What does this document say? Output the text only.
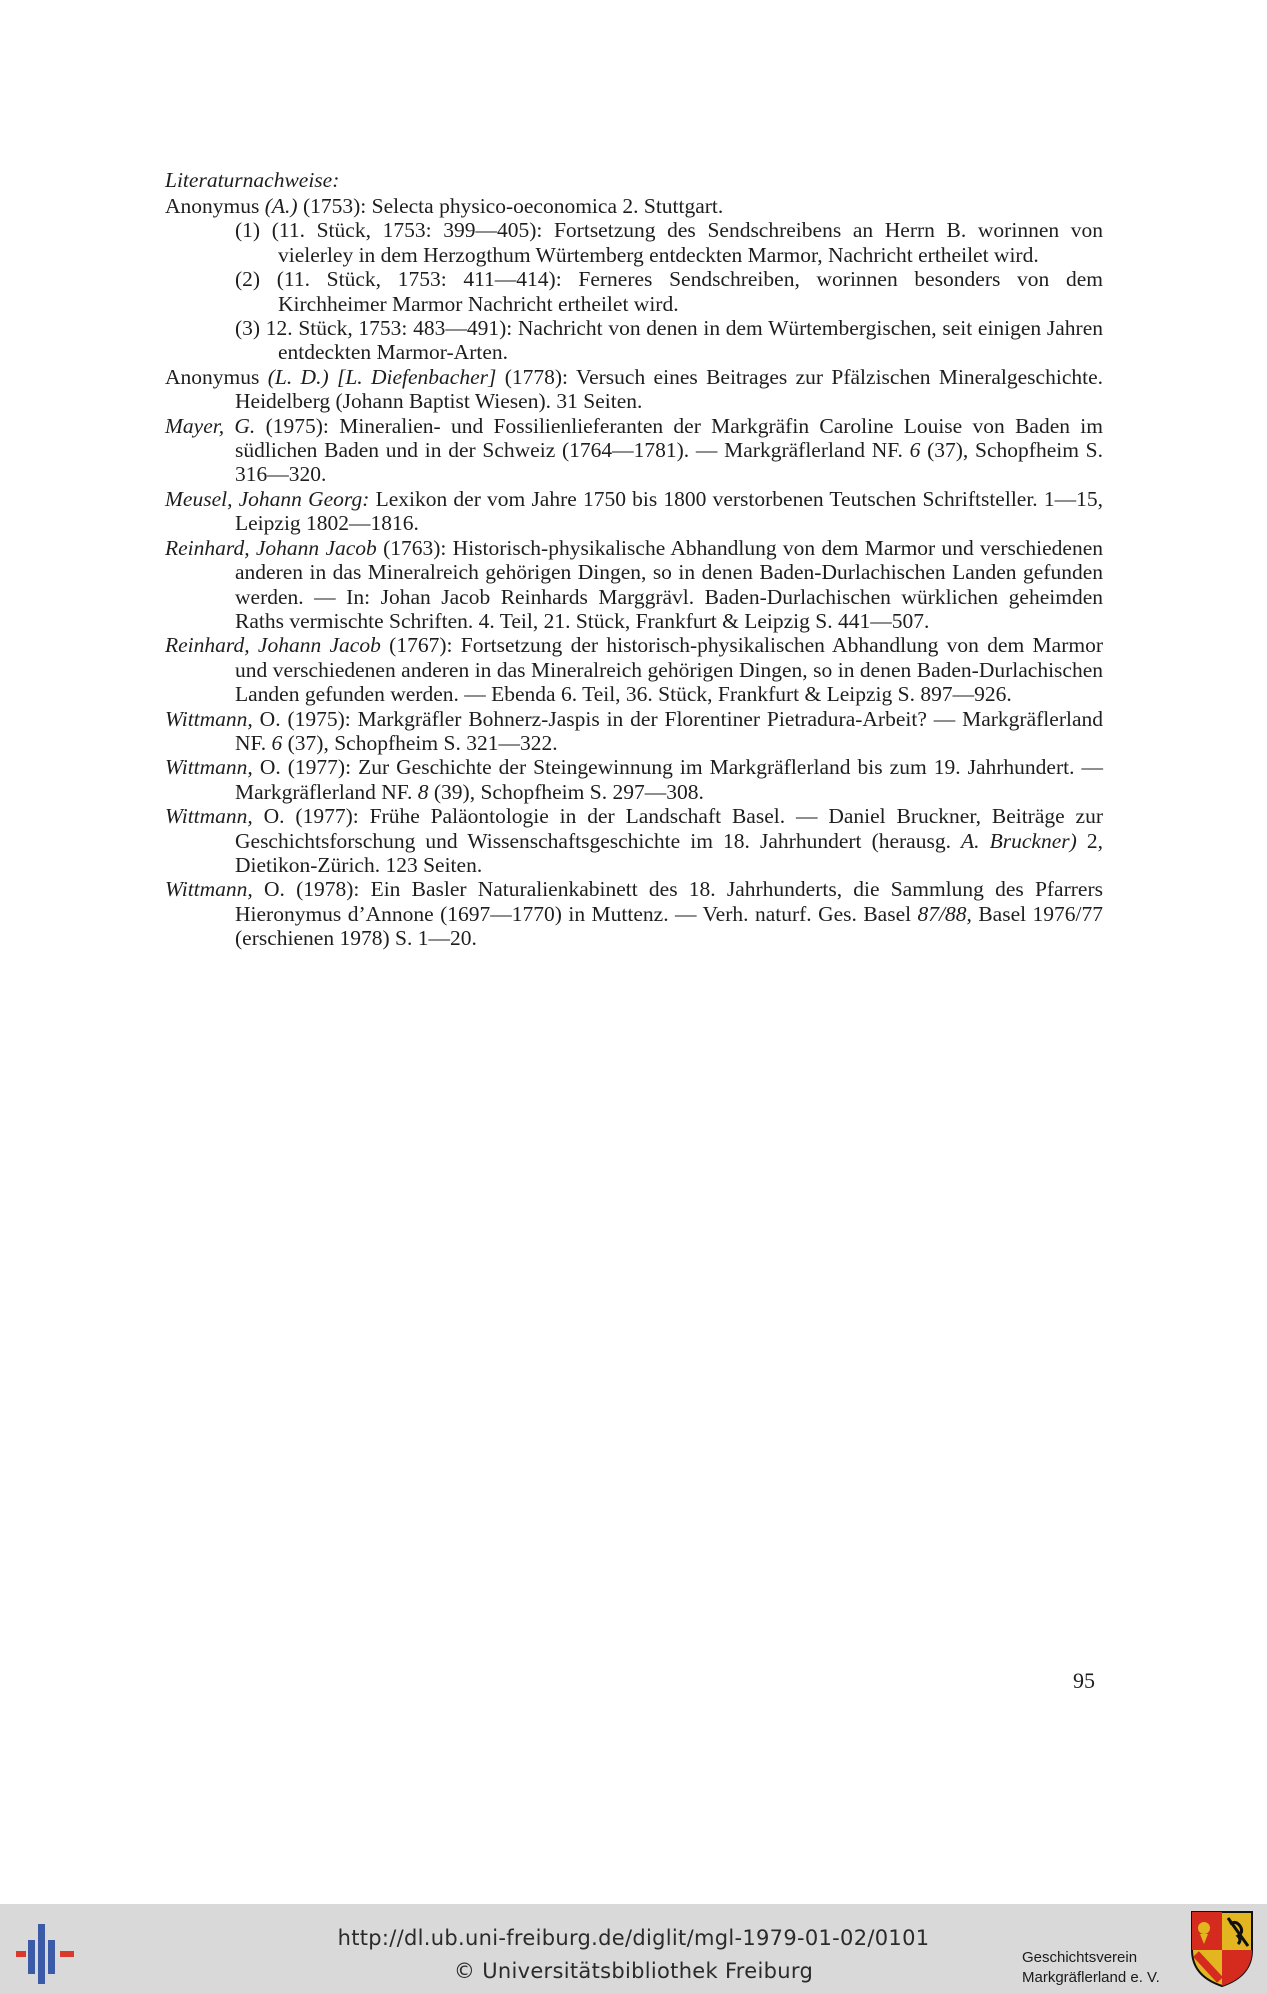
Literaturnachweise:
Anonymus (A.) (1753): Selecta physico-oeconomica 2. Stuttgart.
(1) (11. Stück, 1753: 399—405): Fortsetzung des Sendschreibens an Herrn B. worinnen von vielerley in dem Herzogthum Würtemberg entdeckten Marmor, Nachricht ertheilet wird.
(2) (11. Stück, 1753: 411—414): Ferneres Sendschreiben, worinnen besonders von dem Kirchheimer Marmor Nachricht ertheilet wird.
(3) 12. Stück, 1753: 483—491): Nachricht von denen in dem Würtembergischen, seit einigen Jahren entdeckten Marmor-Arten.
Anonymus (L. D.) [L. Diefenbacher] (1778): Versuch eines Beitrages zur Pfälzischen Mineralgeschichte. Heidelberg (Johann Baptist Wiesen). 31 Seiten.
Mayer, G. (1975): Mineralien- und Fossilienlieferanten der Markgräfin Caroline Louise von Baden im südlichen Baden und in der Schweiz (1764—1781). — Markgräflerland NF. 6 (37), Schopfheim S. 316—320.
Meusel, Johann Georg: Lexikon der vom Jahre 1750 bis 1800 verstorbenen Teutschen Schriftsteller. 1—15, Leipzig 1802—1816.
Reinhard, Johann Jacob (1763): Historisch-physikalische Abhandlung von dem Marmor und verschiedenen anderen in das Mineralreich gehörigen Dingen, so in denen Baden-Durlachischen Landen gefunden werden. — In: Johan Jacob Reinhards Marggrävl. Baden-Durlachischen würklichen geheimden Raths vermischte Schriften. 4. Teil, 21. Stück, Frankfurt & Leipzig S. 441—507.
Reinhard, Johann Jacob (1767): Fortsetzung der historisch-physikalischen Abhandlung von dem Marmor und verschiedenen anderen in das Mineralreich gehörigen Dingen, so in denen Baden-Durlachischen Landen gefunden werden. — Ebenda 6. Teil, 36. Stück, Frankfurt & Leipzig S. 897—926.
Wittmann, O. (1975): Markgräfler Bohnerz-Jaspis in der Florentiner Pietradura-Arbeit? — Markgräflerland NF. 6 (37), Schopfheim S. 321—322.
Wittmann, O. (1977): Zur Geschichte der Steingewinnung im Markgräflerland bis zum 19. Jahrhundert. — Markgräflerland NF. 8 (39), Schopfheim S. 297—308.
Wittmann, O. (1977): Frühe Paläontologie in der Landschaft Basel. — Daniel Bruckner, Beiträge zur Geschichtsforschung und Wissenschaftsgeschichte im 18. Jahrhundert (herausg. A. Bruckner) 2, Dietikon-Zürich. 123 Seiten.
Wittmann, O. (1978): Ein Basler Naturalienkabinett des 18. Jahrhunderts, die Sammlung des Pfarrers Hieronymus d’Annone (1697—1770) in Muttenz. — Verh. naturf. Ges. Basel 87/88, Basel 1976/77 (erschienen 1978) S. 1—20.
95
http://dl.ub.uni-freiburg.de/diglit/mgl-1979-01-02/0101
© Universitätsbibliothek Freiburg
Geschichtsverein
Markgräflerland e. V.
